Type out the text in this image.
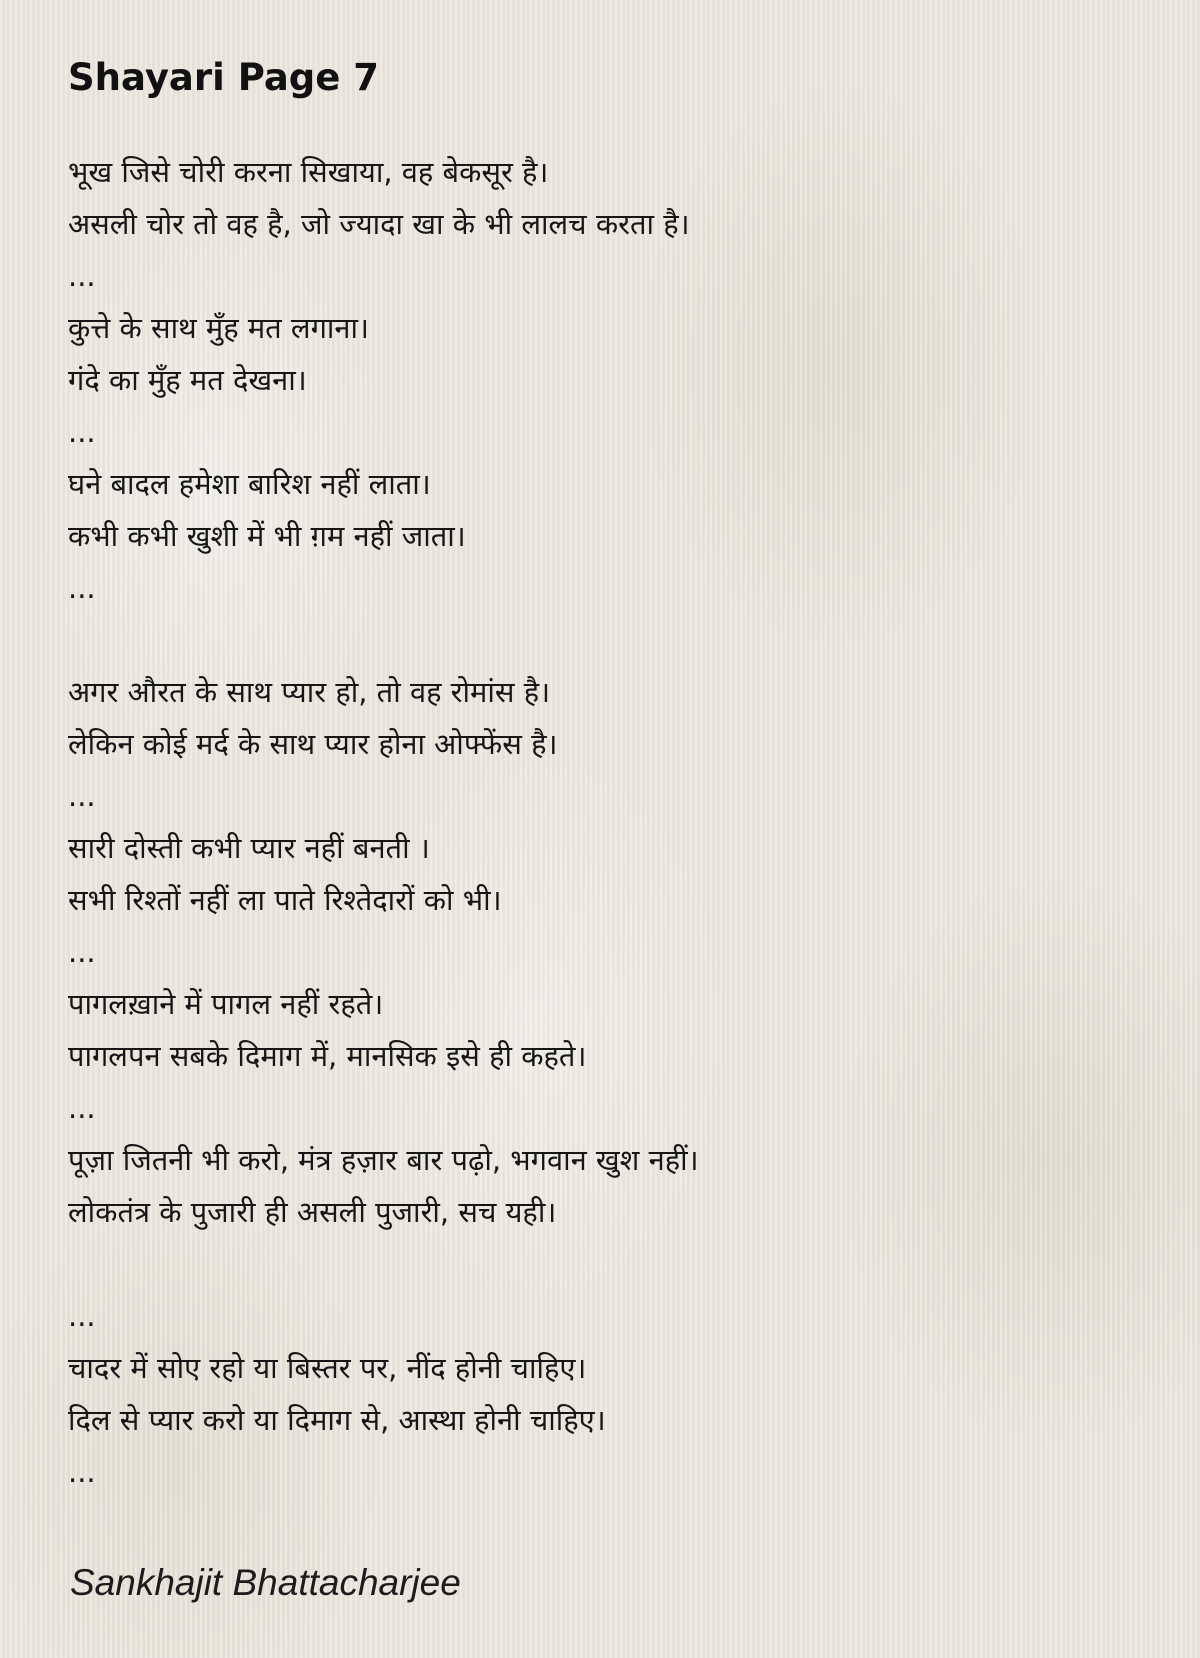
Shayari Page 7
भूख जिसे चोरी करना सिखाया, वह बेकसूर है।
असली चोर तो वह है, जो ज्यादा खा के भी लालच करता है।
...
कुत्ते के साथ मुँह मत लगाना।
गंदे का मुँह मत देखना।
...
घने बादल हमेशा बारिश नहीं लाता।
कभी कभी खुशी में भी ग़म नहीं जाता।
...
अगर औरत के साथ प्यार हो, तो वह रोमांस है।
लेकिन कोई मर्द के साथ प्यार होना ओफ्फेंस है।
...
सारी दोस्ती कभी प्यार नहीं बनती ।
सभी रिश्तों नहीं ला पाते रिश्तेदारों को भी।
...
पागलख़ाने में पागल नहीं रहते।
पागलपन सबके दिमाग में, मानसिक इसे ही कहते।
...
पूज़ा जितनी भी करो, मंत्र हज़ार बार पढ़ो, भगवान खुश नहीं।
लोकतंत्र के पुजारी ही असली पुजारी, सच यही।
...
चादर में सोए रहो या बिस्तर पर, नींद होनी चाहिए।
दिल से प्यार करो या दिमाग से, आस्था होनी चाहिए।
...

Sankhajit Bhattacharjee
